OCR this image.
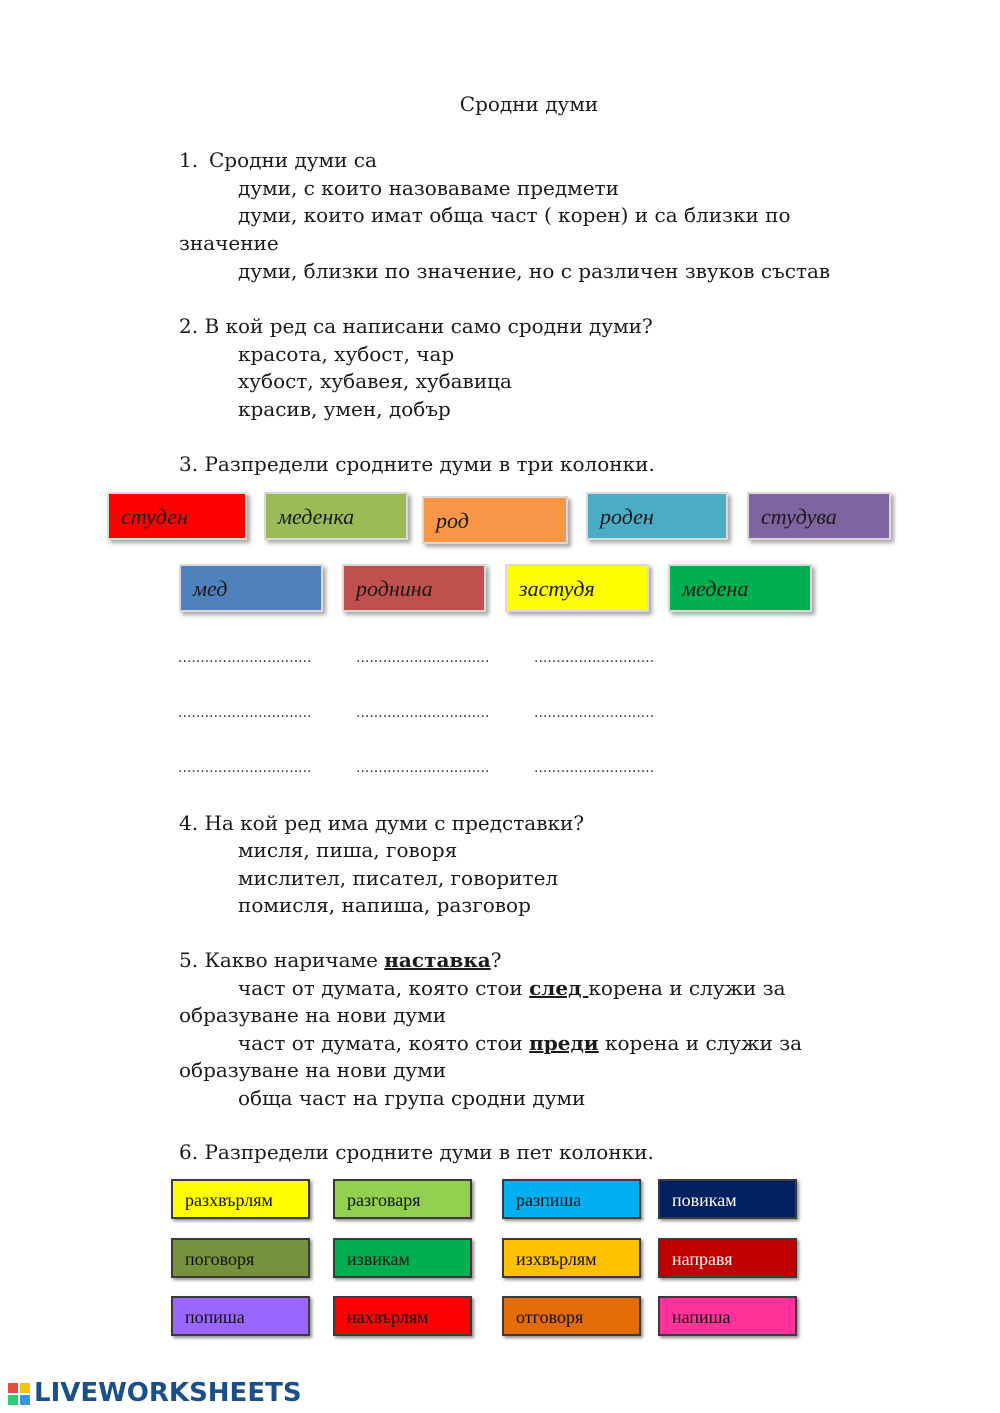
Сродни думи
1. Сродни думи са
думи, с които назоваваме предмети
думи, които имат обща част ( корен) и са близки по
значение
думи, близки по значение, но с различен звуков състав
2. В кой ред са написани само сродни думи?
красота, хубост, чар
хубост, хубавея, хубавица
красив, умен, добър
3. Разпредели сродните думи в три колонки.
студен	меденка	род	роден	студува
мед	роднина	застудя	медена
..............................	..............................	...........................
..............................	..............................	...........................
..............................	..............................	...........................
4. На кой ред има думи с представки?
мисля, пиша, говоря
мислител, писател, говорител
помисля, напиша, разговор
5. Какво наричаме наставка?
част от думата, която стои след корена и служи за
образуване на нови думи
част от думата, която стои преди корена и служи за
образуване на нови думи
обща част на група сродни думи
6. Разпредели сродните думи в пет колонки.
разхвърлям	разговаря	разпиша	повикам
поговоря	извикам	изхвърлям	направя
попиша	нахвърлям	отговоря	напиша
LIVEWORKSHEETS
